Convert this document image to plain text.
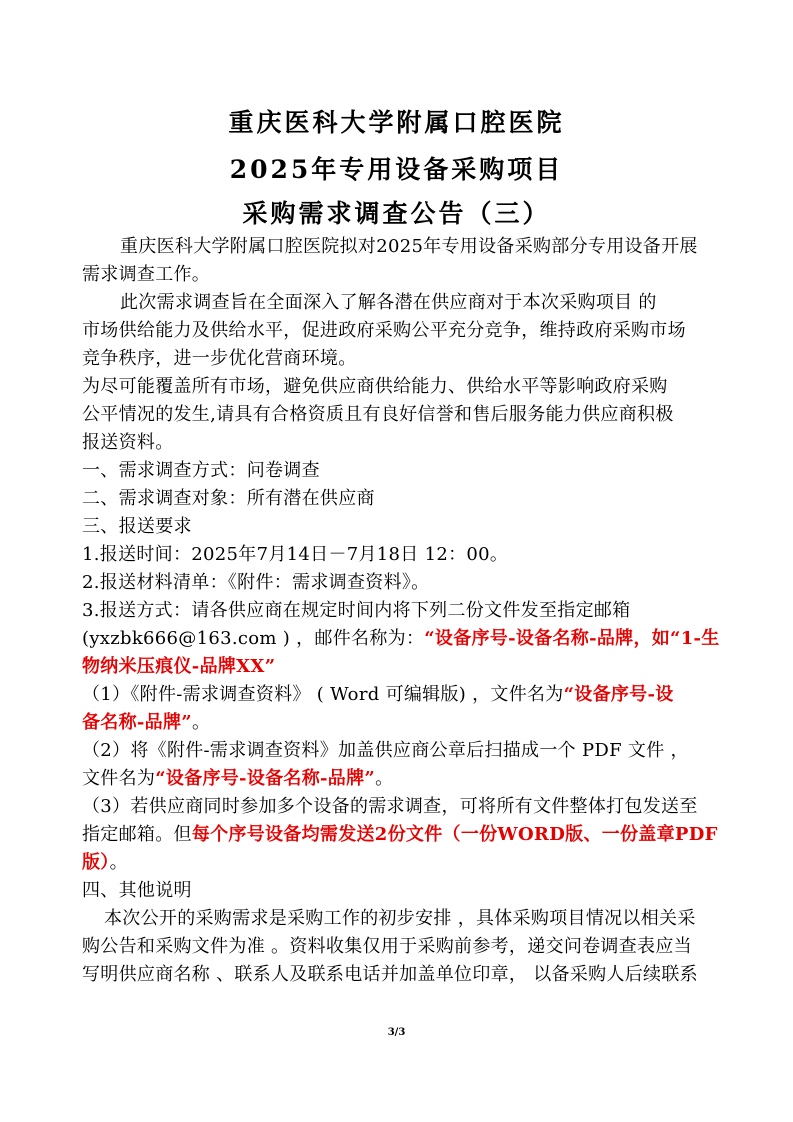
重庆医科大学附属口腔医院
2025年专用设备采购项目
采购需求调查公告（三）
重庆医科大学附属口腔医院拟对2025年专用设备采购部分专用设备开展
需求调查工作。
此次需求调查旨在全面深入了解各潜在供应商对于本次采购项目 的
市场供给能力及供给水平，促进政府采购公平充分竞争，维持政府采购市场
竞争秩序，进一步优化营商环境。
为尽可能覆盖所有市场，避免供应商供给能力、供给水平等影响政府采购
公平情况的发生,请具有合格资质且有良好信誉和售后服务能力供应商积极
报送资料。
一、需求调查方式：问卷调查
二、需求调查对象：所有潜在供应商
三、报送要求
1.报送时间：2025年7月14日－7月18日 12：00。
2.报送材料清单：《附件：需求调查资料》。
3.报送方式：请各供应商在规定时间内将下列二份文件发至指定邮箱
(yxzbk666@163.com ) ，邮件名称为：“设备序号-设备名称-品牌，如“1-生
物纳米压痕仪-品牌XX”
（1）《附件-需求调查资料》 ( Word 可编辑版) ，文件名为“设备序号-设
备名称-品牌”。
（2）将《附件-需求调查资料》加盖供应商公章后扫描成一个 PDF 文件 ，
文件名为“设备序号-设备名称-品牌”。
（3）若供应商同时参加多个设备的需求调查，可将所有文件整体打包发送至
指定邮箱。但每个序号设备均需发送2份文件（一份WORD版、一份盖章PDF
版）。
四、其他说明
本次公开的采购需求是采购工作的初步安排 ，具体采购项目情况以相关采
购公告和采购文件为准 。资料收集仅用于采购前参考，递交问卷调查表应当
写明供应商名称 、联系人及联系电话并加盖单位印章， 以备采购人后续联系
3/3
